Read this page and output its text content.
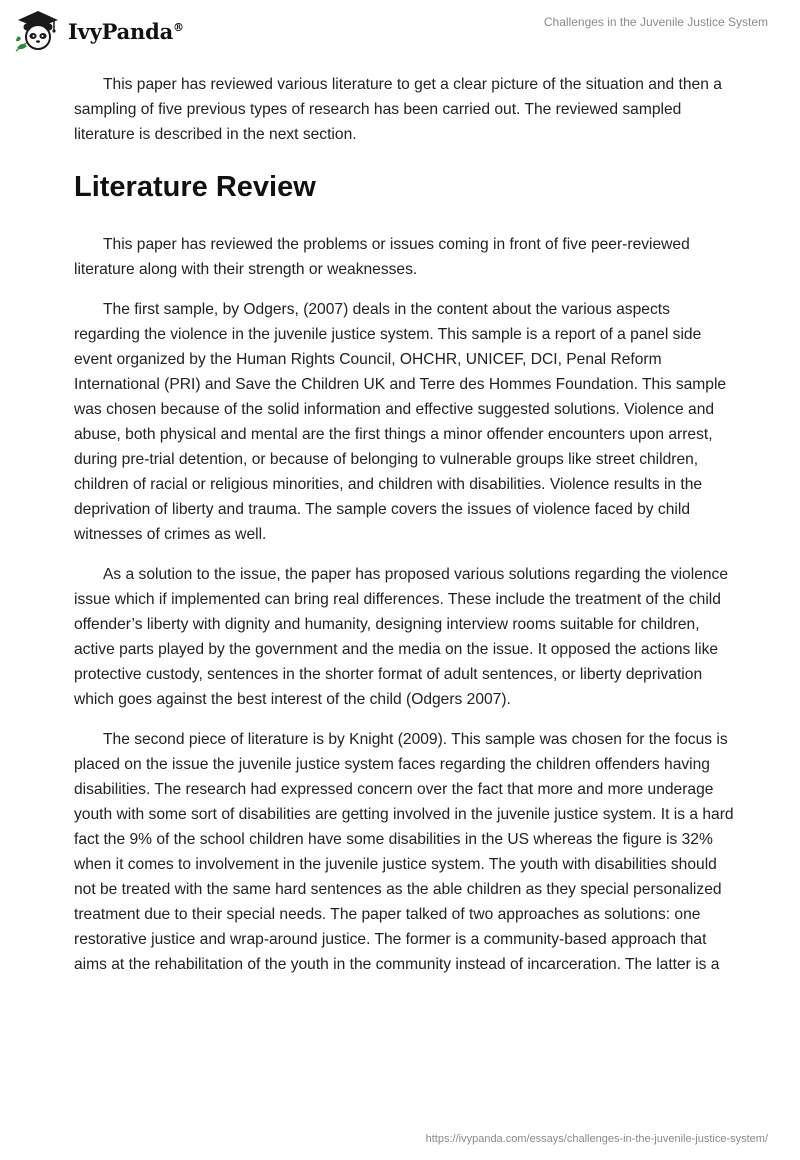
IvyPanda®	Challenges in the Juvenile Justice System

This paper has reviewed various literature to get a clear picture of the situation and then a sampling of five previous types of research has been carried out. The reviewed sampled literature is described in the next section.

Literature Review

This paper has reviewed the problems or issues coming in front of five peer-reviewed literature along with their strength or weaknesses.

The first sample, by Odgers, (2007) deals in the content about the various aspects regarding the violence in the juvenile justice system. This sample is a report of a panel side event organized by the Human Rights Council, OHCHR, UNICEF, DCI, Penal Reform International (PRI) and Save the Children UK and Terre des Hommes Foundation. This sample was chosen because of the solid information and effective suggested solutions. Violence and abuse, both physical and mental are the first things a minor offender encounters upon arrest, during pre-trial detention, or because of belonging to vulnerable groups like street children, children of racial or religious minorities, and children with disabilities. Violence results in the deprivation of liberty and trauma. The sample covers the issues of violence faced by child witnesses of crimes as well.

As a solution to the issue, the paper has proposed various solutions regarding the violence issue which if implemented can bring real differences. These include the treatment of the child offender’s liberty with dignity and humanity, designing interview rooms suitable for children, active parts played by the government and the media on the issue. It opposed the actions like protective custody, sentences in the shorter format of adult sentences, or liberty deprivation which goes against the best interest of the child (Odgers 2007).

The second piece of literature is by Knight (2009). This sample was chosen for the focus is placed on the issue the juvenile justice system faces regarding the children offenders having disabilities. The research had expressed concern over the fact that more and more underage youth with some sort of disabilities are getting involved in the juvenile justice system. It is a hard fact the 9% of the school children have some disabilities in the US whereas the figure is 32% when it comes to involvement in the juvenile justice system. The youth with disabilities should not be treated with the same hard sentences as the able children as they special personalized treatment due to their special needs. The paper talked of two approaches as solutions: one restorative justice and wrap-around justice. The former is a community-based approach that aims at the rehabilitation of the youth in the community instead of incarceration. The latter is a

https://ivypanda.com/essays/challenges-in-the-juvenile-justice-system/
